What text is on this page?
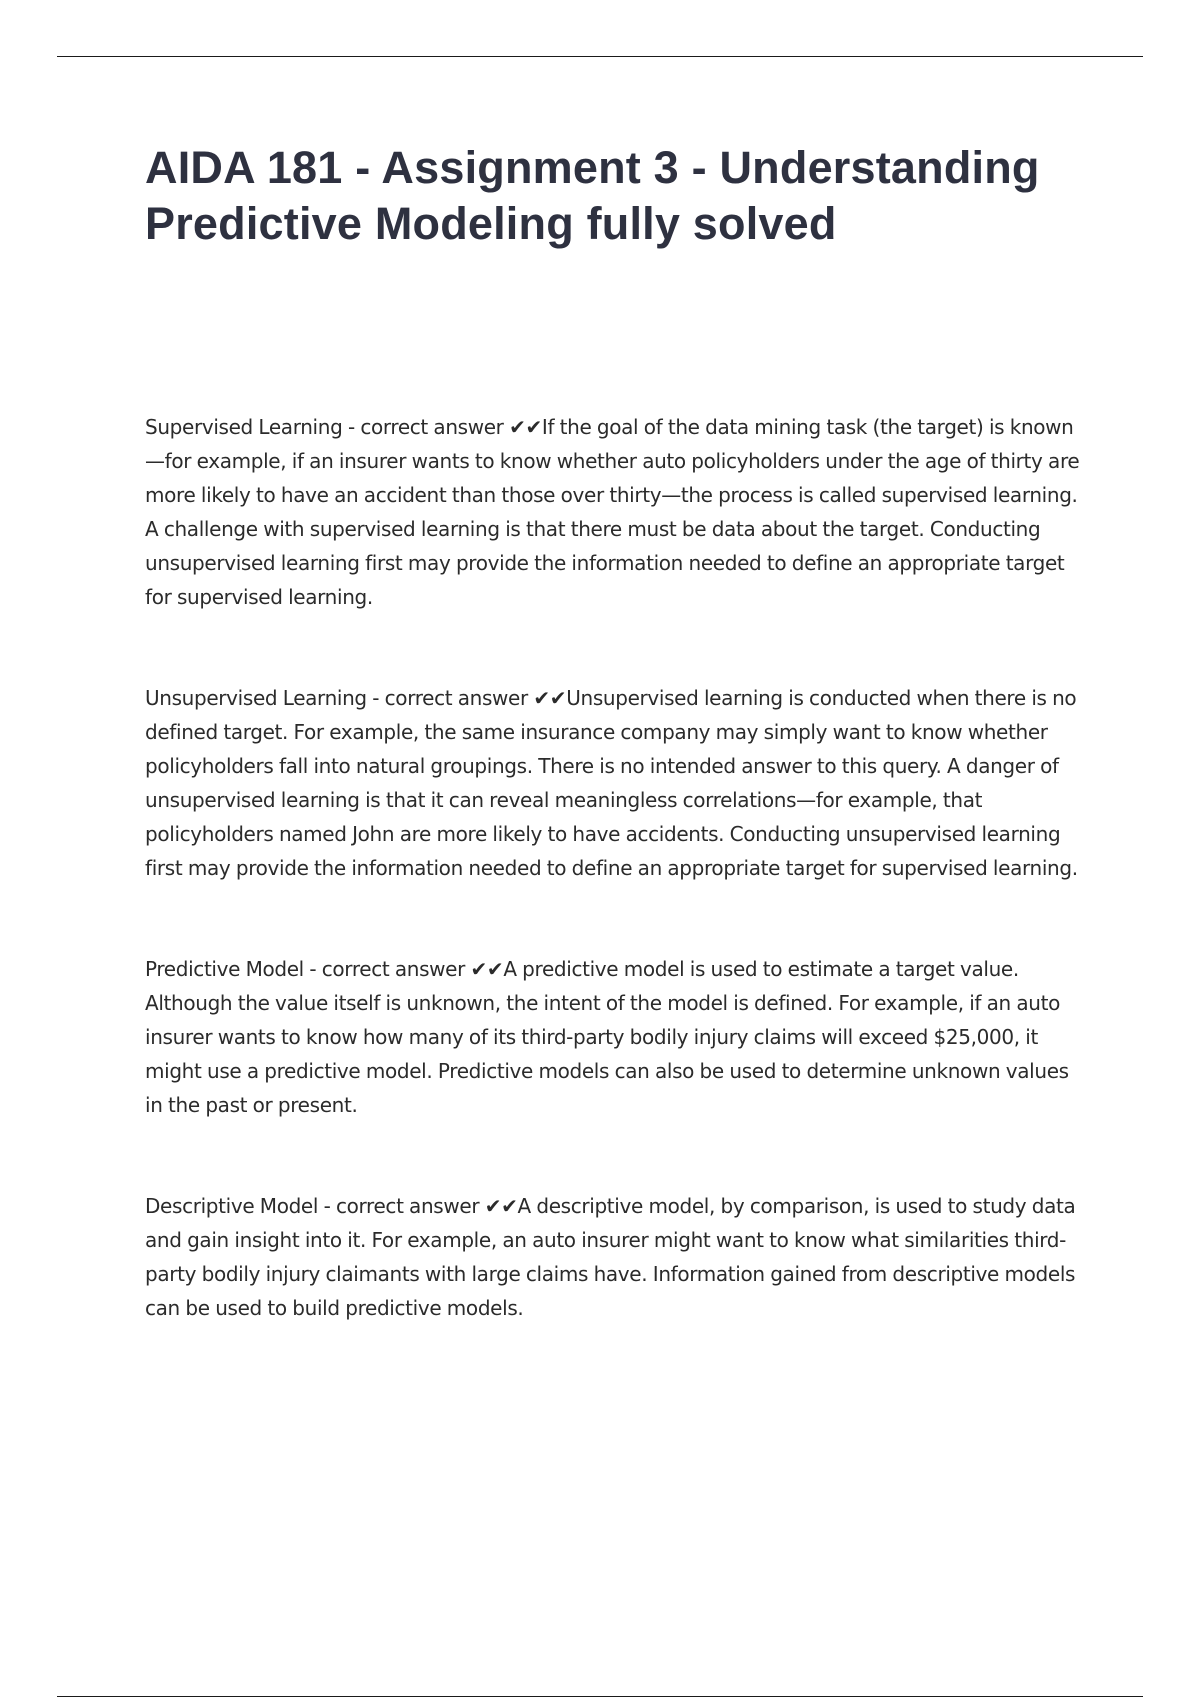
AIDA 181 - Assignment 3 - Understanding Predictive Modeling fully solved

Supervised Learning - correct answer ✔✔If the goal of the data mining task (the target) is known—for example, if an insurer wants to know whether auto policyholders under the age of thirty are more likely to have an accident than those over thirty—the process is called supervised learning. A challenge with supervised learning is that there must be data about the target. Conducting unsupervised learning first may provide the information needed to define an appropriate target for supervised learning.

Unsupervised Learning - correct answer ✔✔Unsupervised learning is conducted when there is no defined target. For example, the same insurance company may simply want to know whether policyholders fall into natural groupings. There is no intended answer to this query. A danger of unsupervised learning is that it can reveal meaningless correlations—for example, that policyholders named John are more likely to have accidents. Conducting unsupervised learning first may provide the information needed to define an appropriate target for supervised learning.

Predictive Model - correct answer ✔✔A predictive model is used to estimate a target value. Although the value itself is unknown, the intent of the model is defined. For example, if an auto insurer wants to know how many of its third-party bodily injury claims will exceed $25,000, it might use a predictive model. Predictive models can also be used to determine unknown values in the past or present.

Descriptive Model - correct answer ✔✔A descriptive model, by comparison, is used to study data and gain insight into it. For example, an auto insurer might want to know what similarities third-party bodily injury claimants with large claims have. Information gained from descriptive models can be used to build predictive models.
